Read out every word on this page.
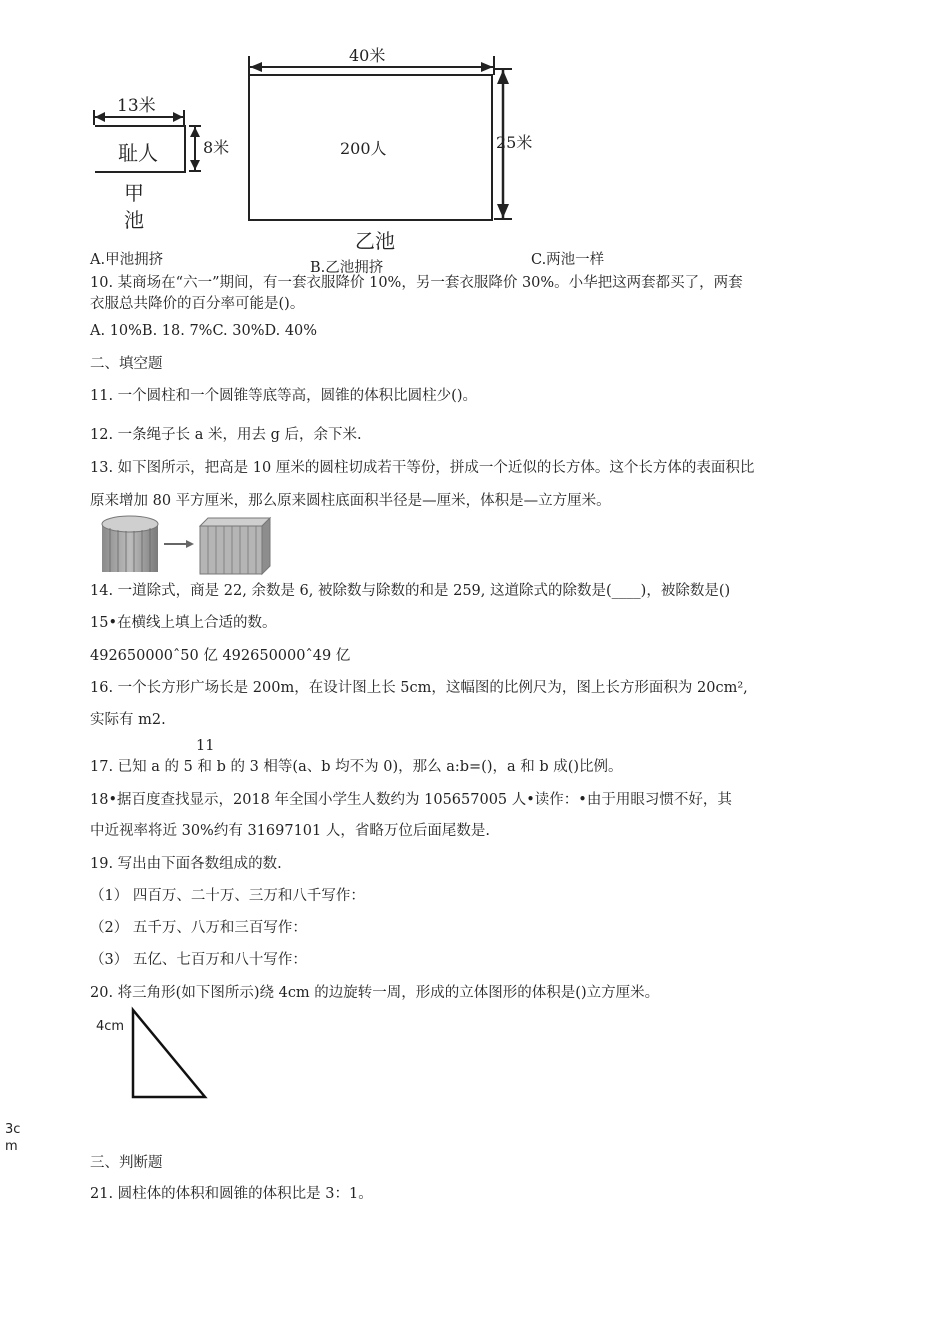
13米
8米
耻人
甲
池
40米
200人	25米
乙池
A.甲池拥挤	B.乙池拥挤	C.两池一样
10. 某商场在“六一”期间，有一套衣服降价 10%，另一套衣服降价 30%。小华把这两套都买了，两套
衣服总共降价的百分率可能是()。
A. 10%B. 18. 7%C. 30%D. 40%
二、填空题
11. 一个圆柱和一个圆锥等底等高，圆锥的体积比圆柱少()。
12. 一条绳子长 a 米，用去 g 后，余下米.
13. 如下图所示，把高是 10 厘米的圆柱切成若干等份，拼成一个近似的长方体。这个长方体的表面积比
原来增加 80 平方厘米，那么原来圆柱底面积半径是—厘米，体积是—立方厘米。
14. 一道除式，商是 22, 余数是 6, 被除数与除数的和是 259, 这道除式的除数是(____)，被除数是()
15•在横线上填上合适的数。
492650000ˆ50 亿 492650000ˆ49 亿
16. 一个长方形广场长是 200m，在设计图上长 5cm，这幅图的比例尺为，图上长方形面积为 20cm²,
实际有 m2.
11
17. 已知 a 的 5 和 b 的 3 相等(a、b 均不为 0)，那么 a:b=()，a 和 b 成()比例。
18•据百度查找显示，2018 年全国小学生人数约为 105657005 人•读作：•由于用眼习惯不好，其
中近视率将近 30%约有 31697101 人，省略万位后面尾数是.
19. 写出由下面各数组成的数.
（1） 四百万、二十万、三万和八千写作：
（2） 五千万、八万和三百写作：
（3） 五亿、七百万和八十写作：
20. 将三角形(如下图所示)绕 4cm 的边旋转一周，形成的立体图形的体积是()立方厘米。
4cm
3c
m
三、判断题
21. 圆柱体的体积和圆锥的体积比是 3：1。
